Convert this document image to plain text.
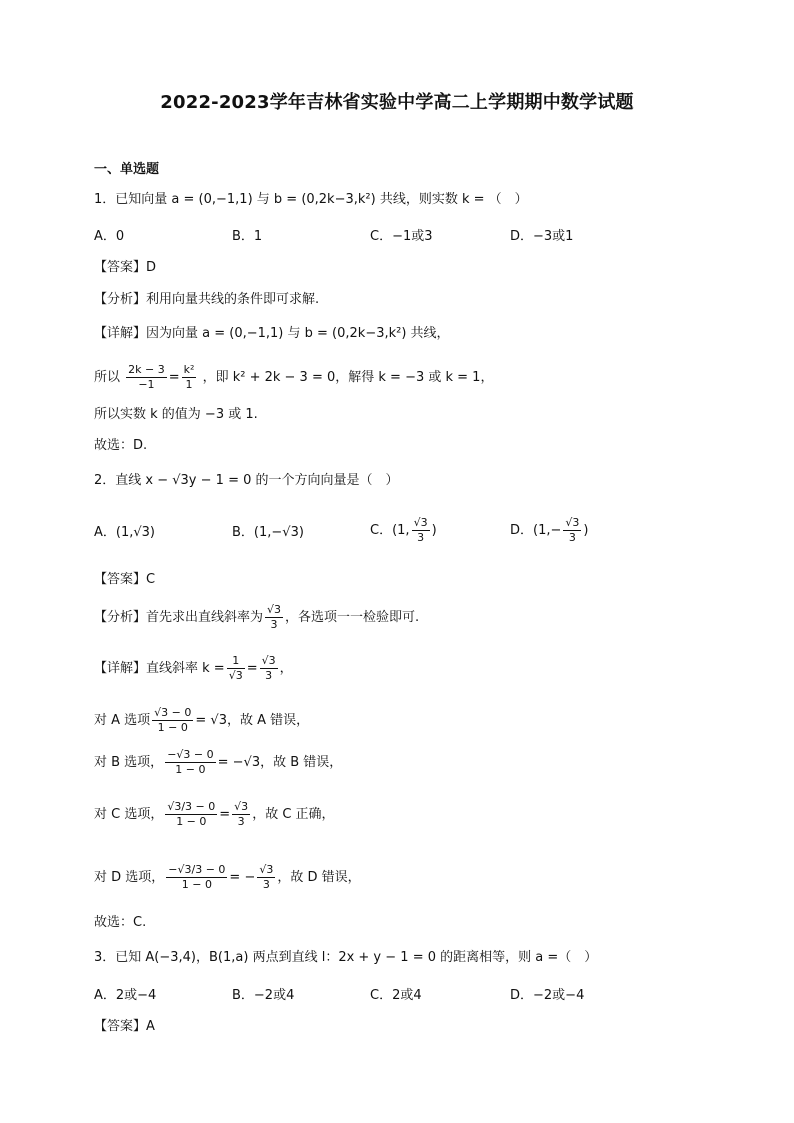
2022-2023学年吉林省实验中学高二上学期期中数学试题
一、单选题
1．已知向量 a = (0,−1,1) 与 b = (0,2k−3,k²) 共线，则实数 k = （　）
A．0	B．1	C．−1或3	D．−3或1
【答案】D
【分析】利用向量共线的条件即可求解.
【详解】因为向量 a = (0,−1,1) 与 b = (0,2k−3,k²) 共线，
所以 $\frac{2k - 3}{-1} = \frac{\text{k²}}{1}$ ，即 k² + 2k − 3 = 0，解得 k = −3 或 k = 1，
所以实数 k 的值为 −3 或 1.
故选：D.
2．直线 x − √3y − 1 = 0 的一个方向向量是（　）
A．(1,√3)	B．(1,−√3)	C．(1, $\frac{√3}{3}$ )	D．($1,- \frac{√3}{3}$ )
【答案】C
【分析】首先求出直线斜率为 $\frac{√3}{3}$ ，各选项一一检验即可.
【详解】直线斜率 $k = \frac{1}{√3} = \frac{√3}{3}$ ，
对 A 选项 $\frac{√3 - 0}{1 - 0} = √3$，故 A 错误，
对 B 选项， $\frac{-√3 - 0}{1 - 0} = -√3$，故 B 错误，
对 C 选项， $\frac{√3/3 - 0}{1 - 0} = \frac{√3}{3}$ ，故 C 正确，
对 D 选项， $\frac{-√3/3 - 0}{1 - 0}$ = − $\frac{√3}{3}$ ，故 D 错误，
故选：C.
3．已知 A(−3,4)，B(1,a) 两点到直线 l：2x + y − 1 = 0 的距离相等，则 a =（　）
A．2或−4	B．−2或4	C．2或4	D．−2或−4
【答案】A
